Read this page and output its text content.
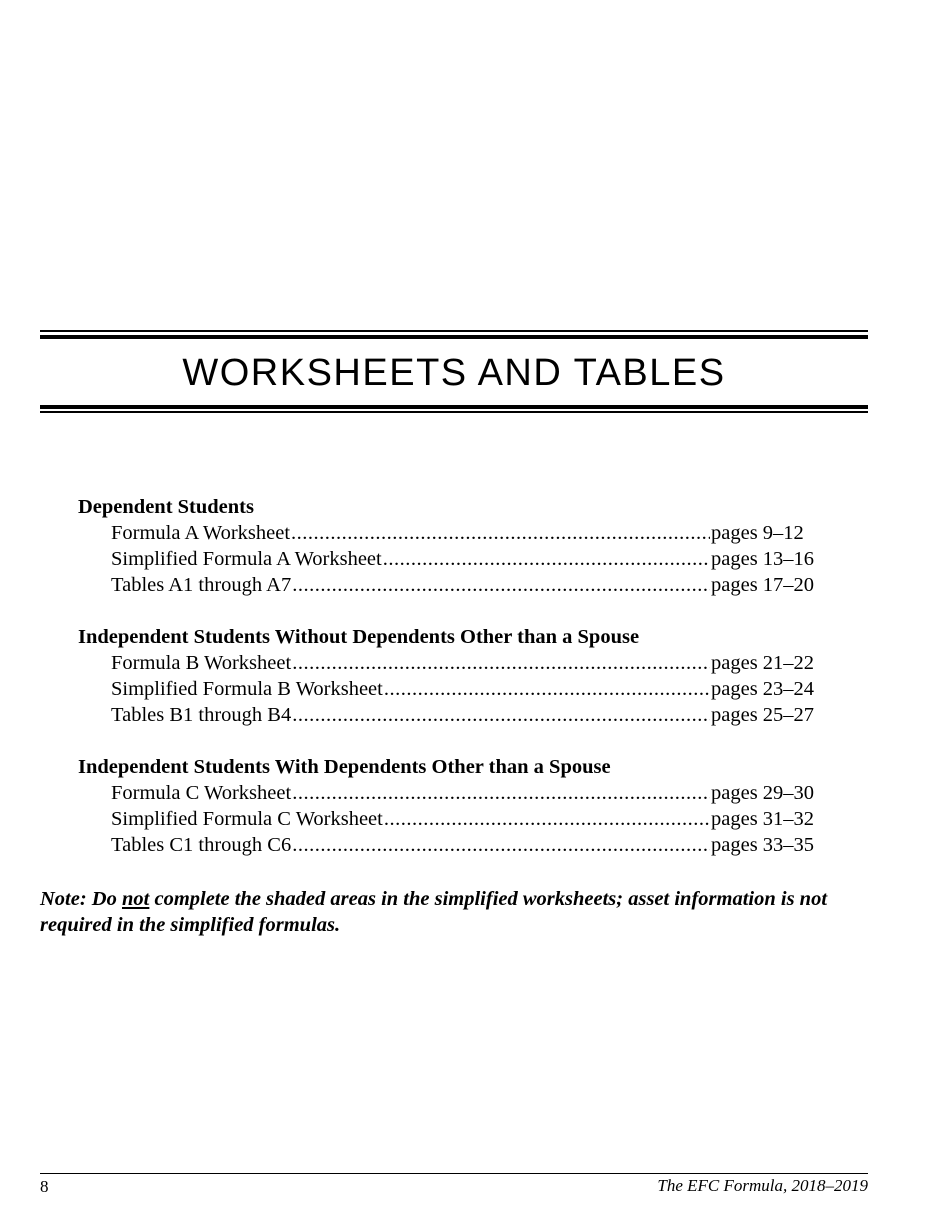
WORKSHEETS AND TABLES
Dependent Students
Formula A Worksheet .....	pages 9–12
Simplified Formula A Worksheet .....	pages 13–16
Tables A1 through A7 .....	pages 17–20
Independent Students Without Dependents Other than a Spouse
Formula B Worksheet .....	pages 21–22
Simplified Formula B Worksheet .....	pages 23–24
Tables B1 through B4 .....	pages 25–27
Independent Students With Dependents Other than a Spouse
Formula C Worksheet .....	pages 29–30
Simplified Formula C Worksheet .....	pages 31–32
Tables C1 through C6 .....	pages 33–35

Note: Do not complete the shaded areas in the simplified worksheets; asset information is not required in the simplified formulas.

8	The EFC Formula, 2018–2019
